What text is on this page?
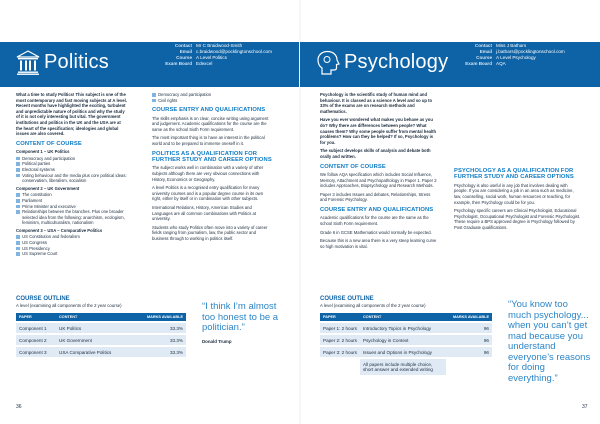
Politics
Contact Mr C Braidwood-Smith
Email c.braidwood@pocklingtonschool.com
Course A Level Politics
Exam Board Edexcel

What a time to study Politics! This subject is one of the most contemporary and fast moving subjects at A level. Recent months have highlighted the exciting, turbulent and unpredictable nature of politics and why the study of it is not only interesting but vital. The government institutions and politics in the UK and the USA are at the heart of the specification; ideologies and global issues are also covered.

CONTENT OF COURSE
Component 1 – UK Politics
Democracy and participation
Political parties
Electoral systems
Voting behaviour and the media plus core political ideas: conservatism, liberalism, socialism
Component 2 – UK Government
The constitution
Parliament
Prime Minister and executive
Relationships between the branches. Plus one broader selected idea from the following: anarchism, ecologism, feminism, multiculturalism, nationalism
Component 3 – USA – Comparative Politics
US Constitution and federalism
US Congress
US Presidency
US Supreme Court
Democracy and participation
Civil rights
COURSE ENTRY AND QUALIFICATIONS

The skills emphasis is on clear, concise writing using argument and judgement. Academic qualifications for the course are the same as the school Sixth Form requirement.

The most important thing is to have an interest in the political world and to be prepared to immerse oneself in it.

POLITICS AS A QUALIFICATION FOR FURTHER STUDY AND CAREER OPTIONS

The subject works well in combination with a variety of other subjects although there are very obvious connections with History, Economics or Geography.

A level Politics is a recognised entry qualification for many university courses and is a popular degree course in its own right, either by itself or in combination with other subjects.

International Relations, History, American Studies and Languages are all common combinations with Politics at university.

Students who study Politics often move into a variety of career fields ranging from journalism, law, the public sector and business through to working in politics itself.

COURSE OUTLINE
A level (examining all components of the 2 year course)
PAPER	CONTENT	MARKS AVAILABLE
Component 1	UK Politics	33.3%
Component 2	UK Government	33.3%
Component 3	USA Comparative Politics	33.3%
“I think I’m almost too honest to be a politician.”
Donald Trump
36
Psychology
Contact Miss J Bathars
Email j.bathars@pocklingtonschool.com
Course A Level Psychology
Exam Board AQA

Psychology is the scientific study of human mind and behaviour. It is classed as a science A level and so up to 33% of the exams are on research methods and mathematics.

Have you ever wondered what makes you behave as you do? Why there are differences between people? What causes them? Why some people suffer from mental health problems? How can they be helped? If so, Psychology is for you.

The subject develops skills of analysis and debate both orally and written.

CONTENT OF COURSE

We follow AQA specification which includes Social Influence, Memory, Attachment and Psychopathology in Paper 1. Paper 2 includes Approaches, Biopsychology and Research Methods.

Paper 3 includes Issues and debates, Relationships, Stress and Forensic Psychology.

COURSE ENTRY AND QUALIFICATIONS

Academic qualifications for the course are the same as the school Sixth Form requirement.

Grade 6 in GCSE Mathematics would normally be expected.

Because this is a new area there is a very steep learning curve so high motivation is vital.

PSYCHOLOGY AS A QUALIFICATION FOR FURTHER STUDY AND CAREER OPTIONS

Psychology is also useful in any job that involves dealing with people. If you are considering a job in an area such as medicine, law, counselling, social work, human resources or teaching, for example, then Psychology could be for you.

Psychology specific careers are Clinical Psychologist, Educational Psychologist, Occupational Psychologist and Forensic Psychologist. These require a BPS approved degree in Psychology followed by Post Graduate qualifications.

COURSE OUTLINE
A level (examining all components of the 2 year course)
PAPER	CONTENT	MARKS AVAILABLE
Paper 1: 2 hours	Introductory Topics in Psychology	96
Paper 2: 2 hours	Psychology in Context	96
Paper 3: 2 hours	Issues and Options in Psychology	96
	All papers include multiple choice, short answer and extended writing	
“You know too much psychology... when you can’t get mad because you understand everyone’s reasons for doing everything.”
37
